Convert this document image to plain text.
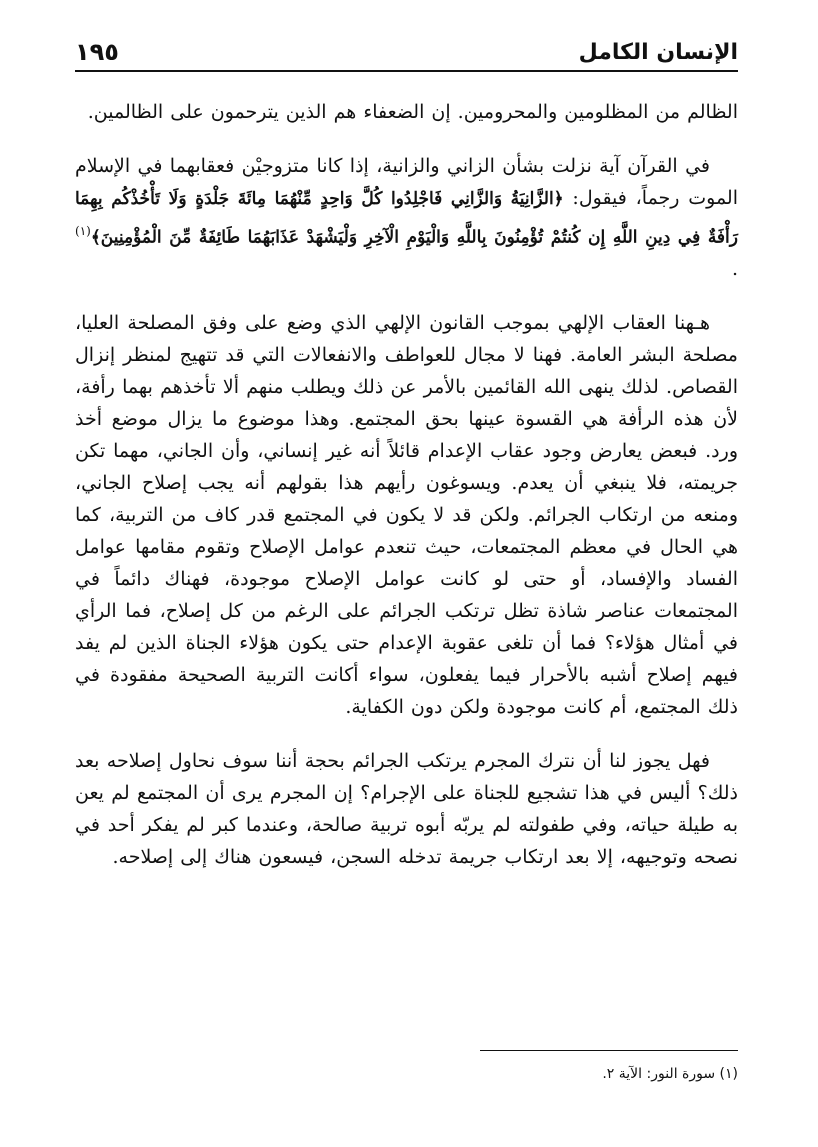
الإنسان الكامل
١٩٥

الظالم من المظلومين والمحرومين. إن الضعفاء هم الذين يترحمون على الظالمين.

في القرآن آية نزلت بشأن الزاني والزانية، إذا كانا متزوجيْن فعقابهما في الإسلام الموت رجماً، فيقول: ﴿الزَّانِيَةُ وَالزَّانِي فَاجْلِدُوا كُلَّ وَاحِدٍ مِّنْهُمَا مِائَةَ جَلْدَةٍ وَلَا تَأْخُذْكُم بِهِمَا رَأْفَةٌ فِي دِينِ اللَّهِ إِن كُنتُمْ تُؤْمِنُونَ بِاللَّهِ وَالْيَوْمِ الْآخِرِ وَلْيَشْهَدْ عَذَابَهُمَا طَائِفَةٌ مِّنَ الْمُؤْمِنِينَ﴾$^{(١)}$ .

هـهنا العقاب الإلهي بموجب القانون الإلهي الذي وضع على وفق المصلحة العليا، مصلحة البشر العامة. فهنا لا مجال للعواطف والانفعالات التي قد تتهيج لمنظر إنزال القصاص. لذلك ينهى الله القائمين بالأمر عن ذلك ويطلب منهم ألا تأخذهم بهما رأفة، لأن هذه الرأفة هي القسوة عينها بحق المجتمع. وهذا موضوع ما يزال موضع أخذ ورد. فبعض يعارض وجود عقاب الإعدام قائلاً أنه غير إنساني، وأن الجاني، مهما تكن جريمته، فلا ينبغي أن يعدم. ويسوغون رأيهم هذا بقولهم أنه يجب إصلاح الجاني، ومنعه من ارتكاب الجرائم. ولكن قد لا يكون في المجتمع قدر كاف من التربية، كما هي الحال في معظم المجتمعات، حيث تنعدم عوامل الإصلاح وتقوم مقامها عوامل الفساد والإفساد، أو حتى لو كانت عوامل الإصلاح موجودة، فهناك دائماً في المجتمعات عناصر شاذة تظل ترتكب الجرائم على الرغم من كل إصلاح، فما الرأي في أمثال هؤلاء؟ فما أن تلغى عقوبة الإعدام حتى يكون هؤلاء الجناة الذين لم يفد فيهم إصلاح أشبه بالأحرار فيما يفعلون، سواء أكانت التربية الصحيحة مفقودة في ذلك المجتمع، أم كانت موجودة ولكن دون الكفاية.

فهل يجوز لنا أن نترك المجرم يرتكب الجرائم بحجة أننا سوف نحاول إصلاحه بعد ذلك؟ أليس في هذا تشجيع للجناة على الإجرام؟ إن المجرم يرى أن المجتمع لم يعن به طيلة حياته، وفي طفولته لم يربّه أبوه تربية صالحة، وعندما كبر لم يفكر أحد في نصحه وتوجيهه، إلا بعد ارتكاب جريمة تدخله السجن، فيسعون هناك إلى إصلاحه.

(١) سورة النور: الآية ٢.
